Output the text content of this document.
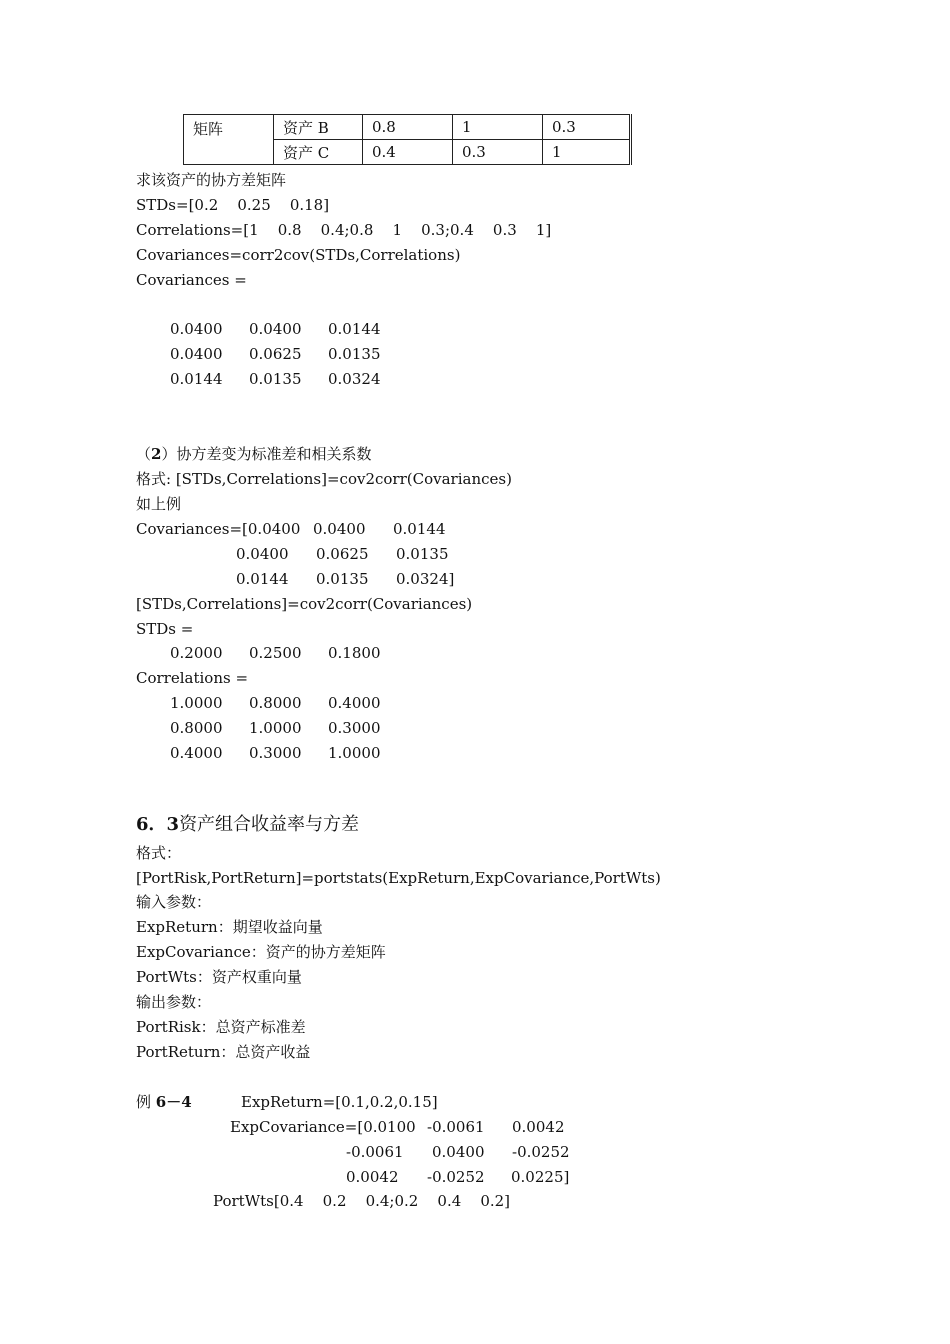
矩阵	资产 B	0.8	1	0.3
	资产 C	0.4	0.3	1
求该资产的协方差矩阵
STDs=[0.2    0.25    0.18]
Correlations=[1    0.8    0.4;0.8    1    0.3;0.4    0.3    1]
Covariances=corr2cov(STDs,Correlations)
Covariances =
0.0400 0.0400 0.0144
0.0400 0.0625 0.0135
0.0144 0.0135 0.0324
（2）协方差变为标准差和相关系数
格式: [STDs,Correlations]=cov2corr(Covariances)
如上例
Covariances=[0.0400 0.0400 0.0144
0.0400 0.0625 0.0135
0.0144 0.0135 0.0324]
[STDs,Correlations]=cov2corr(Covariances)
STDs =
0.2000 0.2500 0.1800
Correlations =
1.0000 0.8000 0.4000
0.8000 1.0000 0.3000
0.4000 0.3000 1.0000
6．3资产组合收益率与方差
格式：
[PortRisk,PortReturn]=portstats(ExpReturn,ExpCovariance,PortWts)
输入参数：
ExpReturn：期望收益向量
ExpCovariance：资产的协方差矩阵
PortWts：资产权重向量
输出参数：
PortRisk：总资产标准差
PortReturn：总资产收益
例 6－4	ExpReturn=[0.1,0.2,0.15]
ExpCovariance=[0.0100 -0.0061 0.0042
-0.0061 0.0400 -0.0252
0.0042 -0.0252 0.0225]
PortWts[0.4    0.2    0.4;0.2    0.4    0.2]
